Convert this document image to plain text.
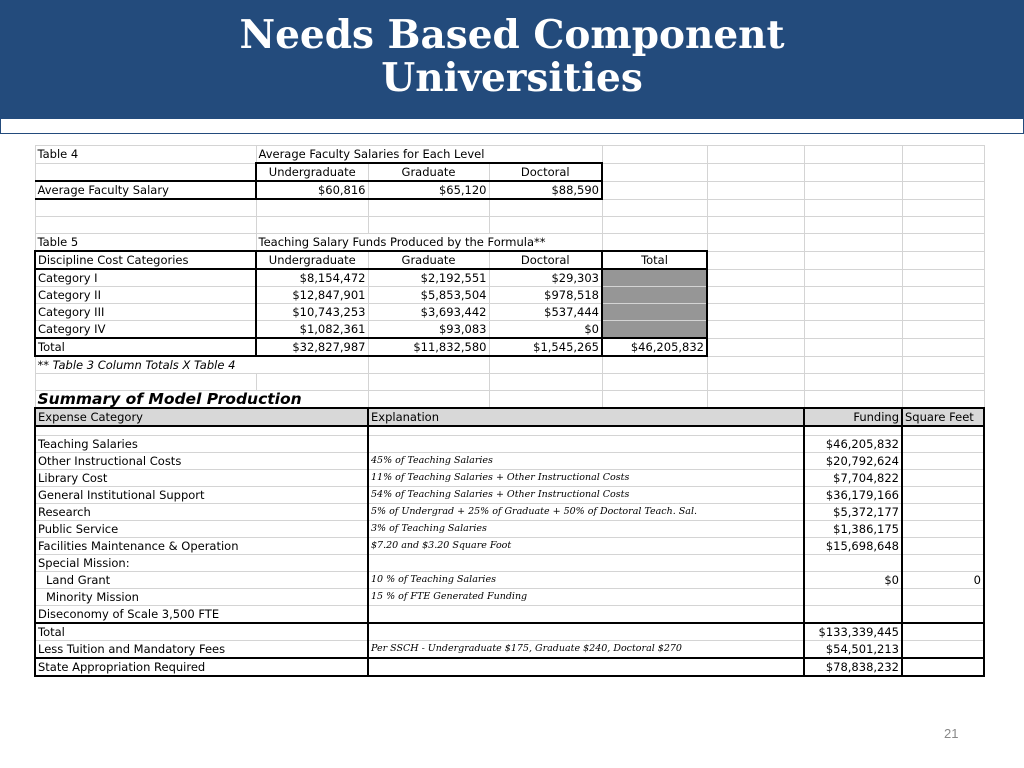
Needs Based Component
Universities
Table 4	Average Faculty Salaries for Each Level						
	Undergraduate	Graduate	Doctoral				
Average Faculty Salary	$60,816	$65,120	$88,590				

Table 5	Teaching Salary Funds Produced by the Formula**						
Discipline Cost Categories	Undergraduate	Graduate	Doctoral	Total			
Category I	$8,154,472	$2,192,551	$29,303				
Category II	$12,847,901	$5,853,504	$978,518				
Category III	$10,743,253	$3,693,442	$537,444				
Category IV	$1,082,361	$93,083	$0				
Total	$32,827,987	$11,832,580	$1,545,265	$46,205,832			
** Table 3 Column Totals X Table 4							

Summary of Model Production							
Expense Category		Explanation				Funding	Square Feet

Teaching Salaries						$46,205,832	
Other Instructional Costs		45% of Teaching Salaries				$20,792,624	
Library Cost		11% of Teaching Salaries + Other Instructional Costs				$7,704,822	
General Institutional Support		54% of Teaching Salaries + Other Instructional Costs				$36,179,166	
Research		5% of Undergrad + 25% of Graduate + 50% of Doctoral Teach. Sal.				$5,372,177	
Public Service		3% of Teaching Salaries				$1,386,175	
Facilities Maintenance & Operation		$7.20 and $3.20 Square Foot				$15,698,648	
Special Mission:							
Land Grant		10 % of Teaching Salaries				$0	0
Minority Mission		15 % of FTE Generated Funding					
Diseconomy of Scale 3,500 FTE							
Total						$133,339,445	
Less Tuition and Mandatory Fees		Per SSCH - Undergraduate $175, Graduate $240, Doctoral $270				$54,501,213	
State Appropriation Required						$78,838,232	
21
